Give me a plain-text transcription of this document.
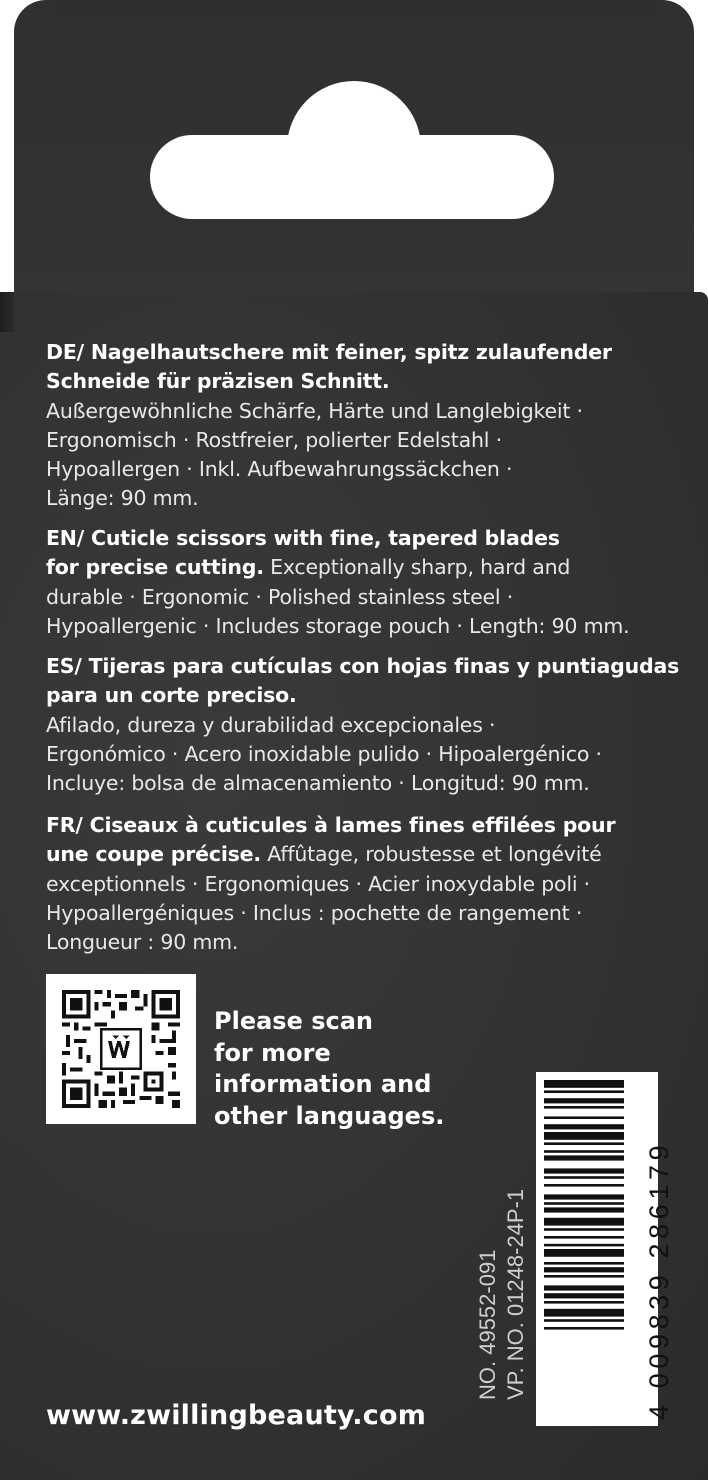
DE/ Nagelhautschere mit feiner, spitz zulaufender
Schneide für präzisen Schnitt.
Außergewöhnliche Schärfe, Härte und Langlebigkeit ·
Ergonomisch · Rostfreier, polierter Edelstahl ·
Hypoallergen · Inkl. Aufbewahrungssäckchen ·
Länge: 90 mm.
EN/ Cuticle scissors with fine, tapered blades
for precise cutting. Exceptionally sharp, hard and
durable · Ergonomic · Polished stainless steel ·
Hypoallergenic · Includes storage pouch · Length: 90 mm.
ES/ Tijeras para cutículas con hojas finas y puntiagudas
para un corte preciso.
Afilado, dureza y durabilidad excepcionales ·
Ergonómico · Acero inoxidable pulido · Hipoalergénico ·
Incluye: bolsa de almacenamiento · Longitud: 90 mm.
FR/ Ciseaux à cuticules à lames fines effilées pour
une coupe précise. Affûtage, robustesse et longévité
exceptionnels · Ergonomiques · Acier inoxydable poli ·
Hypoallergéniques · Inclus : pochette de rangement ·
Longueur : 90 mm.
Please scan
for more
information and
other languages.
NO. 49552-091 VP. NO. 01248-24P-1	4 009839 286179
www.zwillingbeauty.com
